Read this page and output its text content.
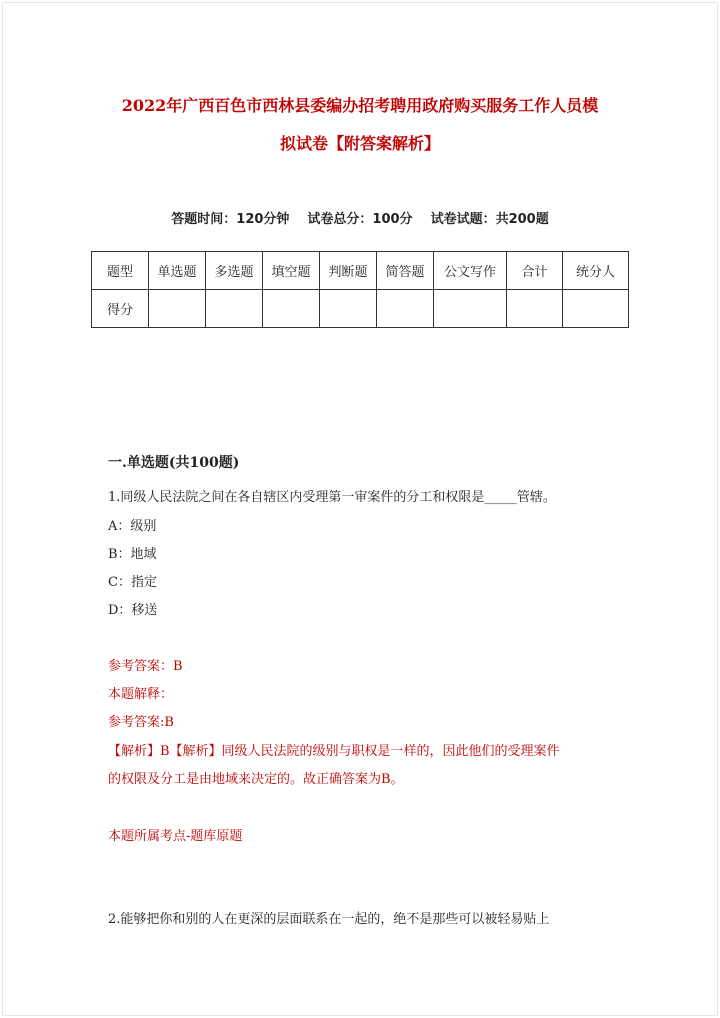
2022年广西百色市西林县委编办招考聘用政府购买服务工作人员模
拟试卷【附答案解析】
答题时间：120分钟 试卷总分：100分 试卷试题：共200题
题型	单选题	多选题	填空题	判断题	简答题	公文写作	合计	统分人
得分								
一.单选题(共100题)
1.同级人民法院之间在各自辖区内受理第一审案件的分工和权限是_____管辖。
A：级别
B：地域
C：指定
D：移送
参考答案：B
本题解释：
参考答案:B
【解析】B【解析】同级人民法院的级别与职权是一样的，因此他们的受理案件
的权限及分工是由地域来决定的。故正确答案为B。
本题所属考点-题库原题
2.能够把你和别的人在更深的层面联系在一起的，绝不是那些可以被轻易贴上
